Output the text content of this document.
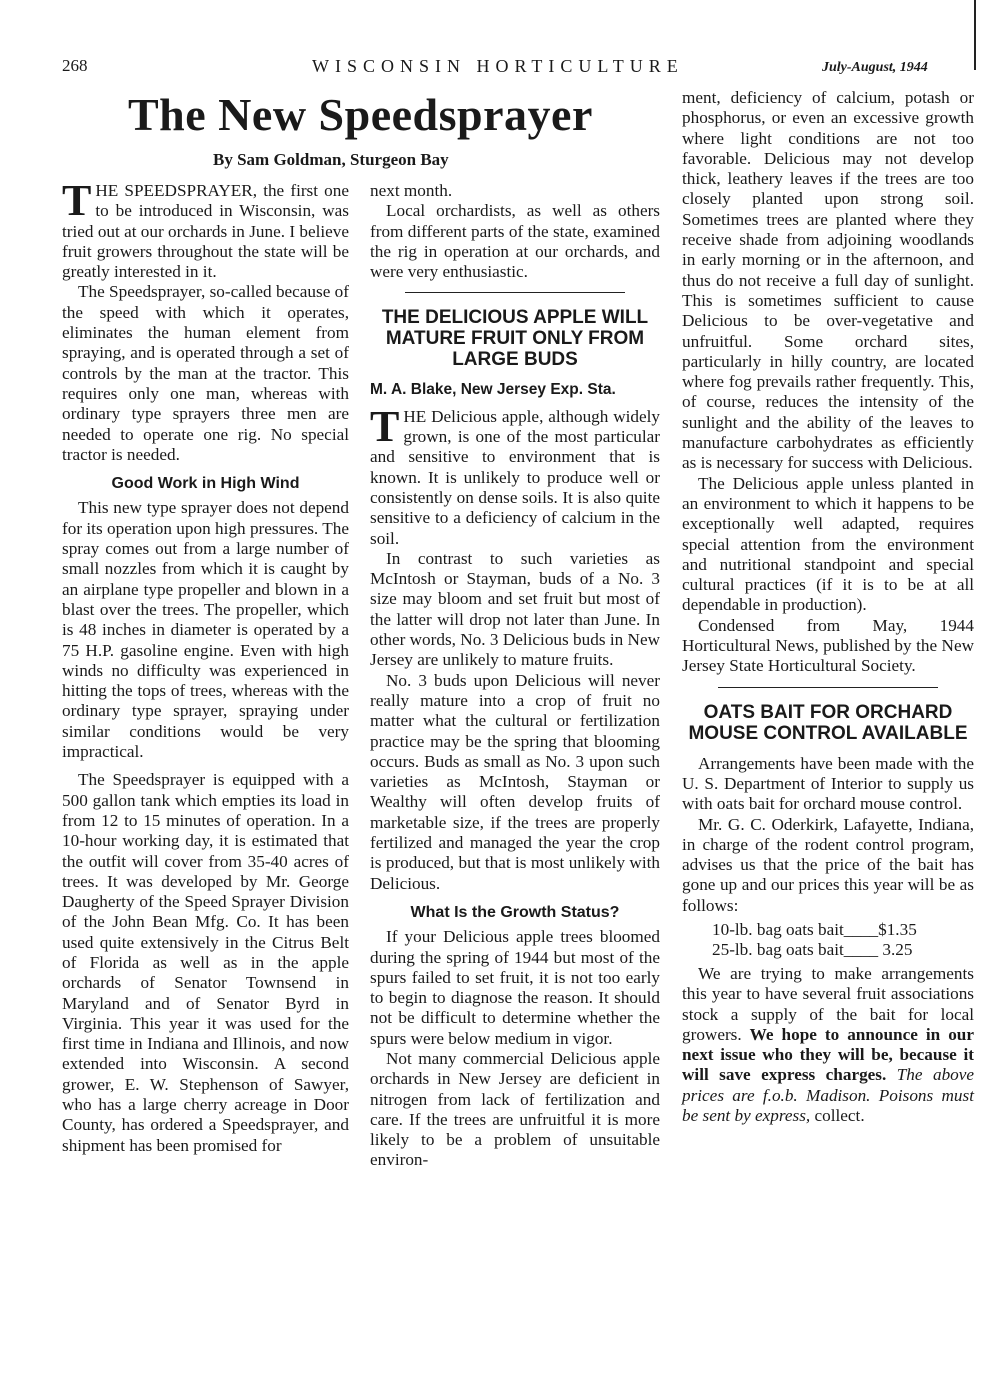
268	WISCONSIN HORTICULTURE	July-August, 1944
The New Speedsprayer
By Sam Goldman, Sturgeon Bay

THE SPEEDSPRAYER, the first one to be introduced in Wisconsin, was tried out at our orchards in June. I believe fruit growers throughout the state will be greatly interested in it.

The Speedsprayer, so-called because of the speed with which it operates, eliminates the human element from spraying, and is operated through a set of controls by the man at the tractor. This requires only one man, whereas with ordinary type sprayers three men are needed to operate one rig. No special tractor is needed.

Good Work in High Wind

This new type sprayer does not depend for its operation upon high pressures. The spray comes out from a large number of small nozzles from which it is caught by an airplane type propeller and blown in a blast over the trees. The propeller, which is 48 inches in diameter is operated by a 75 H.P. gasoline engine. Even with high winds no difficulty was experienced in hitting the tops of trees, whereas with the ordinary type sprayer, spraying under similar conditions would be very impractical.

The Speedsprayer is equipped with a 500 gallon tank which empties its load in from 12 to 15 minutes of operation. In a 10-hour working day, it is estimated that the outfit will cover from 35-40 acres of trees. It was developed by Mr. George Daugherty of the Speed Sprayer Division of the John Bean Mfg. Co. It has been used quite extensively in the Citrus Belt of Florida as well as in the apple orchards of Senator Townsend in Maryland and of Senator Byrd in Virginia. This year it was used for the first time in Indiana and Illinois, and now extended into Wisconsin. A second grower, E. W. Stephenson of Sawyer, who has a large cherry acreage in Door County, has ordered a Speedsprayer, and shipment has been promised for

next month.

Local orchardists, as well as others from different parts of the state, examined the rig in operation at our orchards, and were very enthusiastic.

THE DELICIOUS APPLE WILL MATURE FRUIT ONLY FROM LARGE BUDS
M. A. Blake, New Jersey Exp. Sta.

THE Delicious apple, although widely grown, is one of the most particular and sensitive to environment that is known. It is unlikely to produce well or consistently on dense soils. It is also quite sensitive to a deficiency of calcium in the soil.

In contrast to such varieties as McIntosh or Stayman, buds of a No. 3 size may bloom and set fruit but most of the latter will drop not later than June. In other words, No. 3 Delicious buds in New Jersey are unlikely to mature fruits.

No. 3 buds upon Delicious will never really mature into a crop of fruit no matter what the cultural or fertilization practice may be the spring that blooming occurs. Buds as small as No. 3 upon such varieties as McIntosh, Stayman or Wealthy will often develop fruits of marketable size, if the trees are properly fertilized and managed the year the crop is produced, but that is most unlikely with Delicious.

What Is the Growth Status?

If your Delicious apple trees bloomed during the spring of 1944 but most of the spurs failed to set fruit, it is not too early to begin to diagnose the reason. It should not be difficult to determine whether the spurs were below medium in vigor.

Not many commercial Delicious apple orchards in New Jersey are deficient in nitrogen from lack of fertilization and care. If the trees are unfruitful it is more likely to be a problem of unsuitable environ-

ment, deficiency of calcium, potash or phosphorus, or even an excessive growth where light conditions are not too favorable. Delicious may not develop thick, leathery leaves if the trees are too closely planted upon strong soil. Sometimes trees are planted where they receive shade from adjoining woodlands in early morning or in the afternoon, and thus do not receive a full day of sunlight. This is sometimes sufficient to cause Delicious to be over-vegetative and unfruitful. Some orchard sites, particularly in hilly country, are located where fog prevails rather frequently. This, of course, reduces the intensity of the sunlight and the ability of the leaves to manufacture carbohydrates as efficiently as is necessary for success with Delicious.

The Delicious apple unless planted in an environment to which it happens to be exceptionally well adapted, requires special attention from the environment and nutritional standpoint and special cultural practices (if it is to be at all dependable in production).

Condensed from May, 1944 Horticultural News, published by the New Jersey State Horticultural Society.

OATS BAIT FOR ORCHARD MOUSE CONTROL AVAILABLE

Arrangements have been made with the U. S. Department of Interior to supply us with oats bait for orchard mouse control.

Mr. G. C. Oderkirk, Lafayette, Indiana, in charge of the rodent control program, advises us that the price of the bait has gone up and our prices this year will be as follows:

10-lb. bag oats bait____$1.35
25-lb. bag oats bait____ 3.25

We are trying to make arrangements this year to have several fruit associations stock a supply of the bait for local growers. We hope to announce in our next issue who they will be, because it will save express charges. The above prices are f.o.b. Madison. Poisons must be sent by express, collect.
